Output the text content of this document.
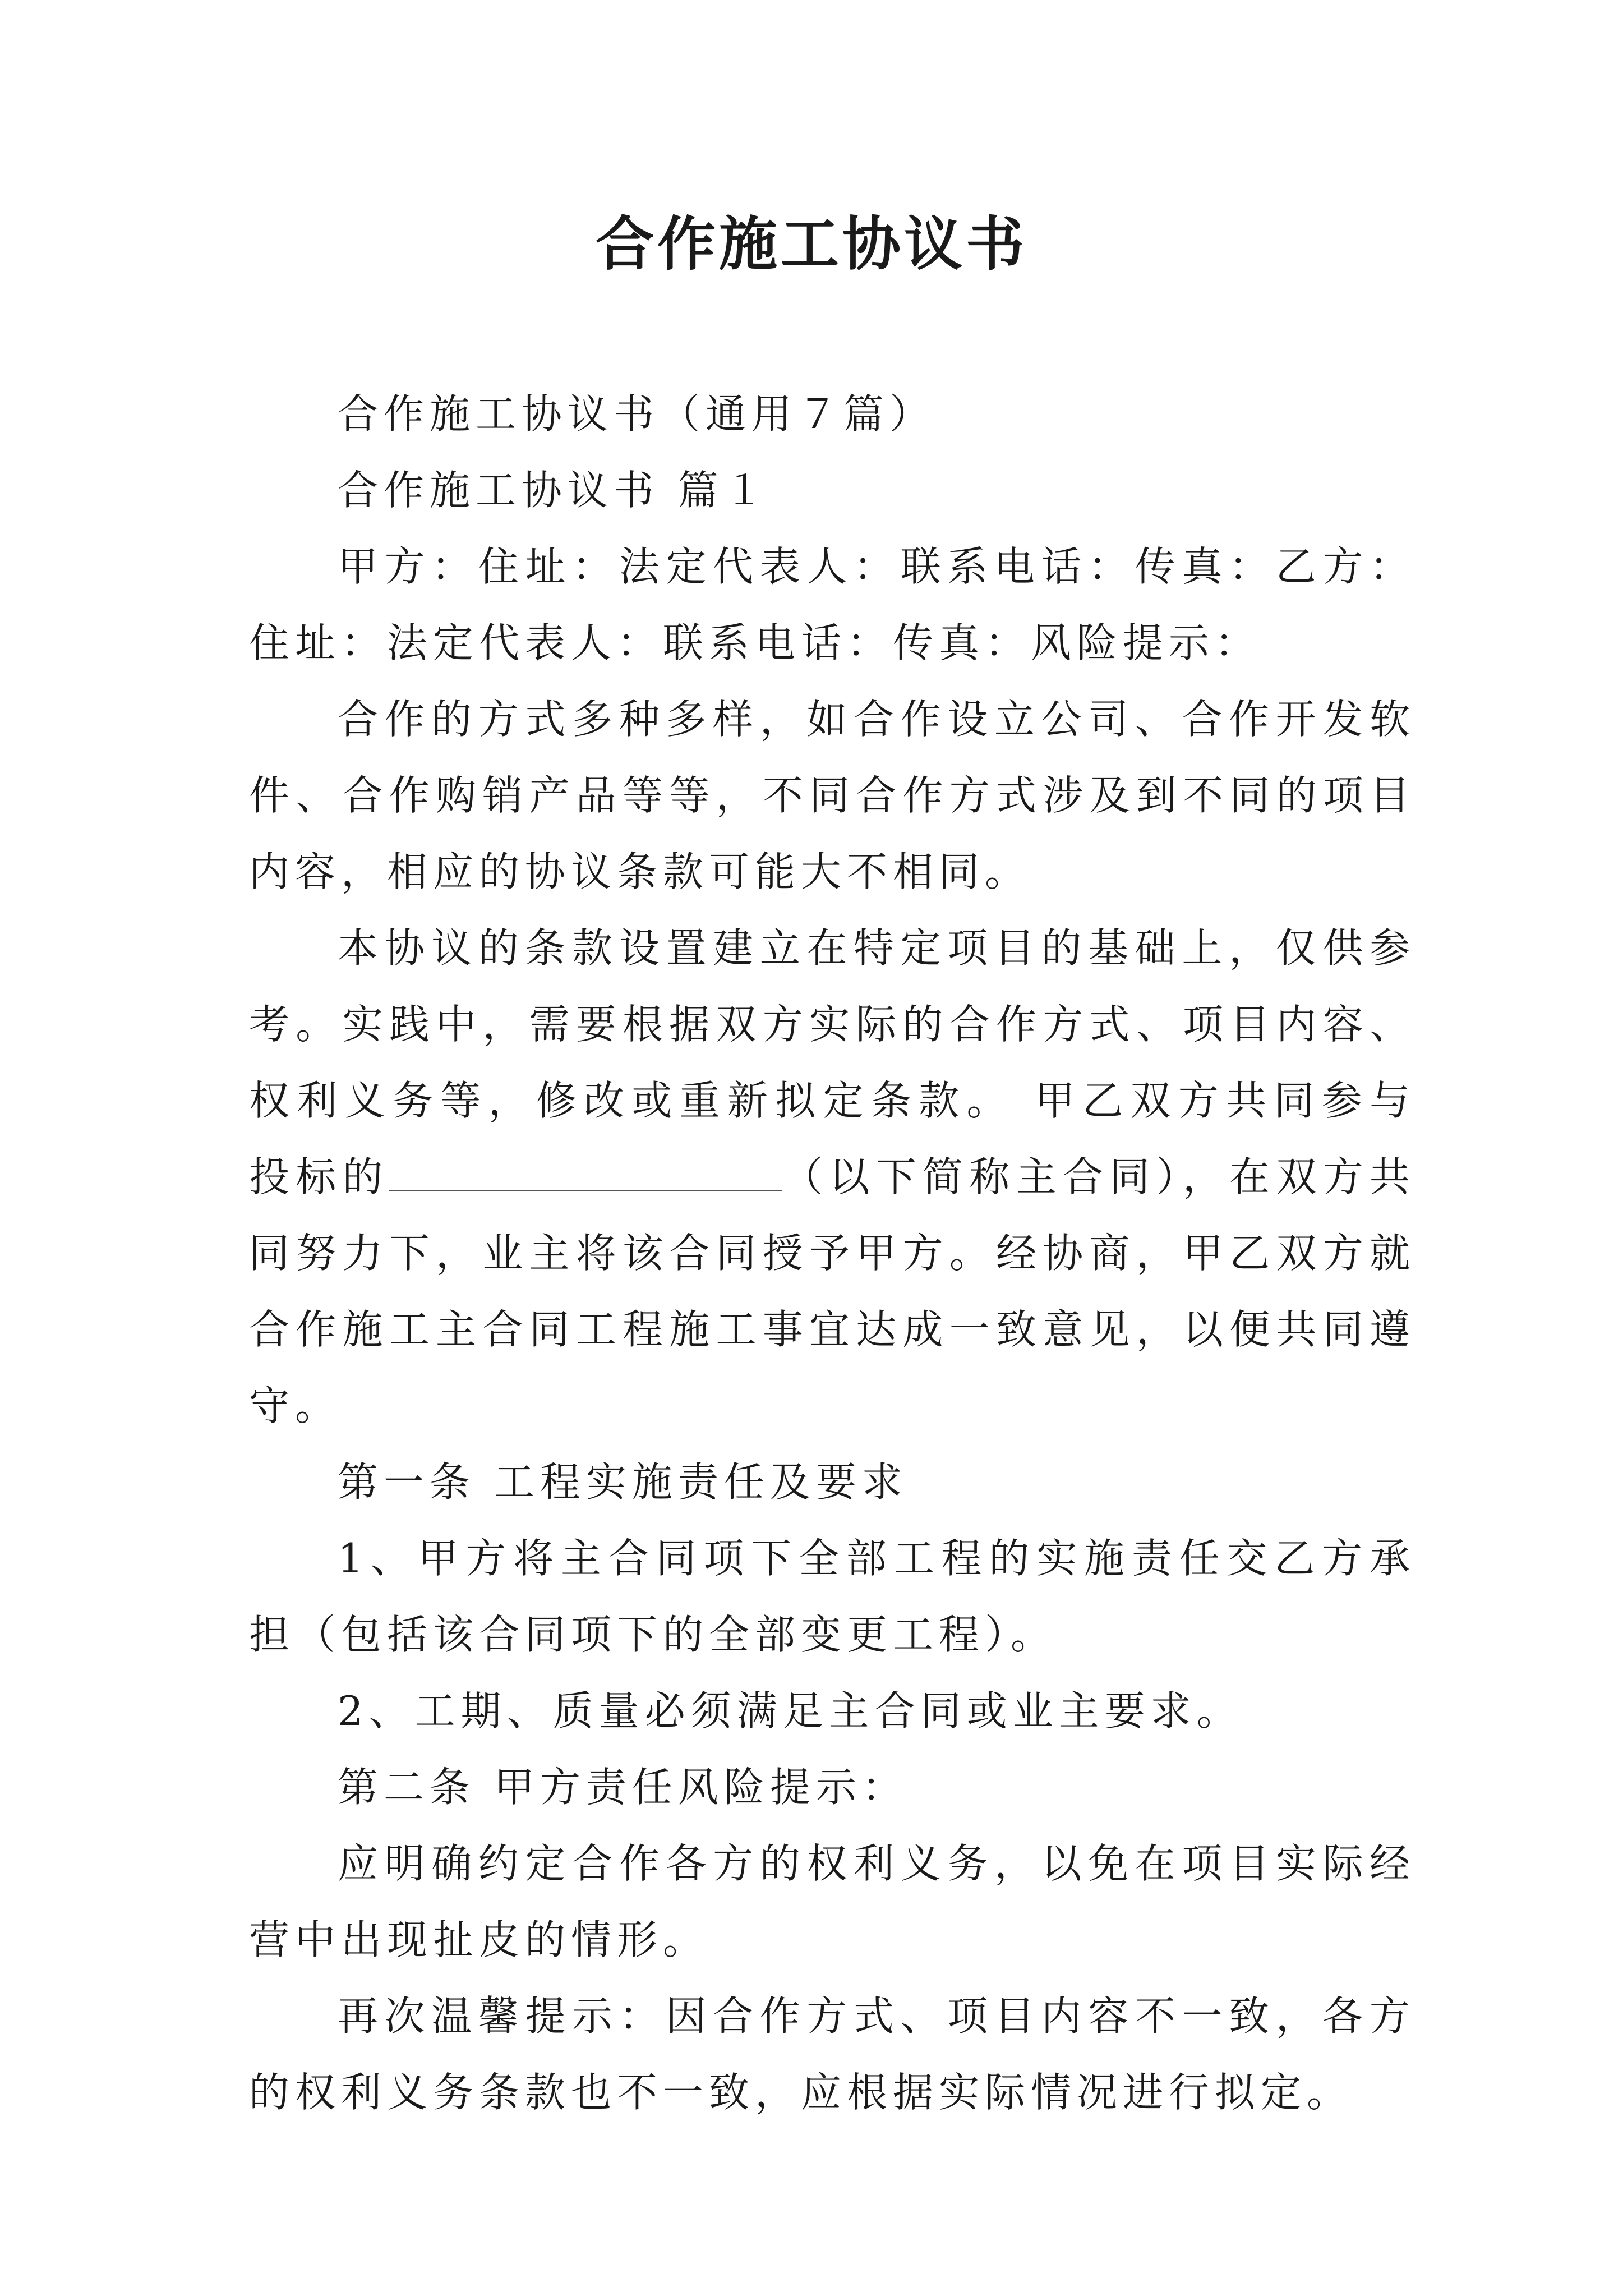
合作施工协议书

合作施工协议书（通用７篇）

合作施工协议书 篇１

甲方：住址：法定代表人：联系电话：传真：乙方：住址：法定代表人：联系电话：传真：风险提示：

合作的方式多种多样，如合作设立公司、合作开发软件、合作购销产品等等，不同合作方式涉及到不同的项目内容，相应的协议条款可能大不相同。

本协议的条款设置建立在特定项目的基础上，仅供参考。实践中，需要根据双方实际的合作方式、项目内容、权利义务等，修改或重新拟定条款。 甲乙双方共同参与投标的	（以下简称主合同），在双方共同努力下，业主将该合同授予甲方。经协商，甲乙双方就合作施工主合同工程施工事宜达成一致意见，以便共同遵守。

第一条 工程实施责任及要求

1、甲方将主合同项下全部工程的实施责任交乙方承担（包括该合同项下的全部变更工程）。

2、工期、质量必须满足主合同或业主要求。

第二条 甲方责任风险提示：

应明确约定合作各方的权利义务，以免在项目实际经营中出现扯皮的情形。

再次温馨提示：因合作方式、项目内容不一致，各方的权利义务条款也不一致，应根据实际情况进行拟定。
